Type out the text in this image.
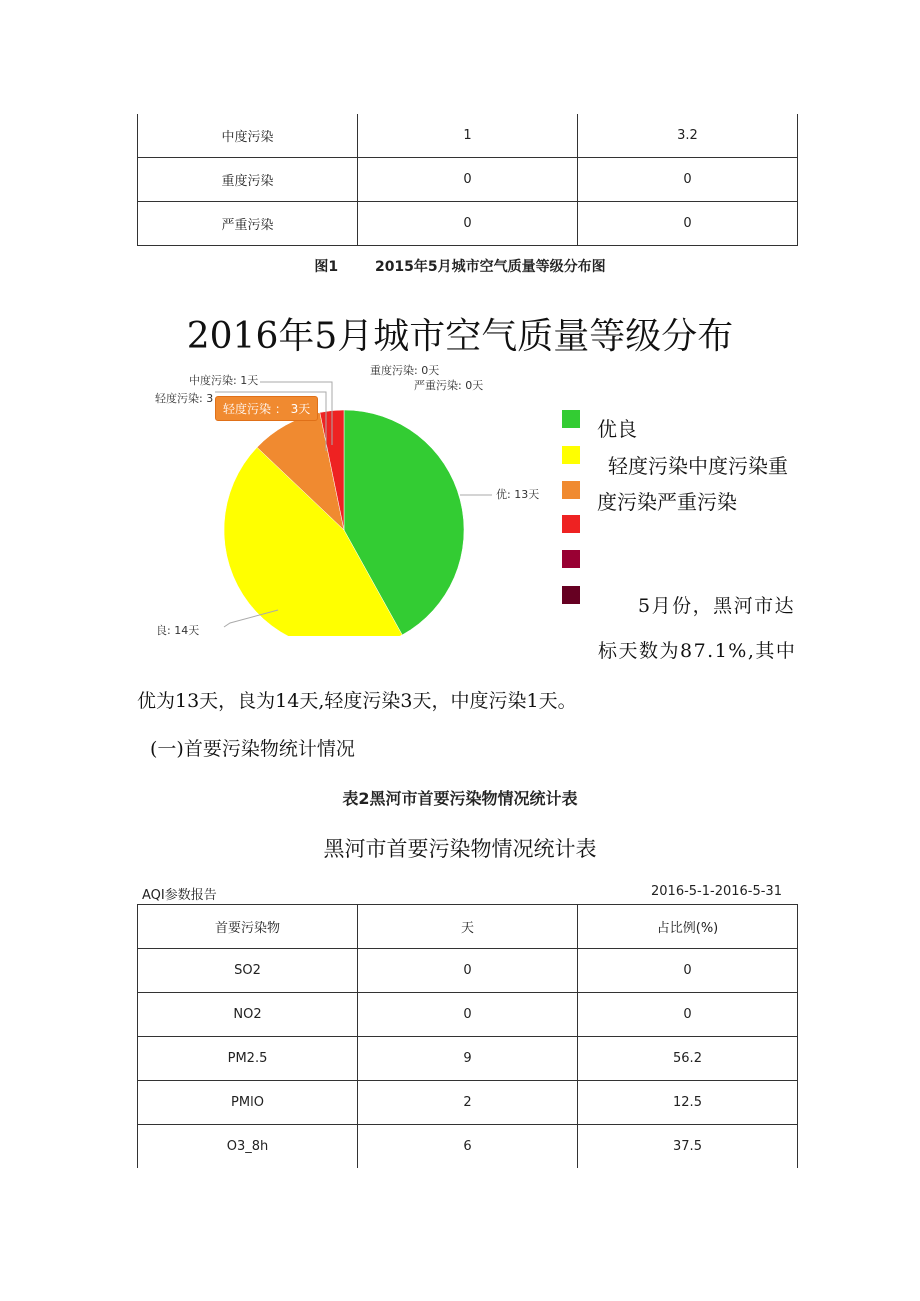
中度污染	1	3.2
重度污染	0	0
严重污染	0	0
图1	2015年5月城市空气质量等级分布图
2016年5月城市空气质量等级分布
优: 13天
良: 14天
轻度污染: 3
中度污染: 1天
重度污染: 0天
严重污染: 0天
轻度污染 ： 3天
优良
轻度污染中度污染重
度污染严重污染
5月份，黑河市达
标天数为87.1%,其中
优为13天，良为14天,轻度污染3天，中度污染1天。
(一)首要污染物统计情况
表2黑河市首要污染物情况统计表
黑河市首要污染物情况统计表
AQI参数报告	2016-5-1-2016-5-31
首要污染物	天	占比例(%)
SO2	0	0
NO2	0	0
PM2.5	9	56.2
PMlO	2	12.5
O3_8h	6	37.5
